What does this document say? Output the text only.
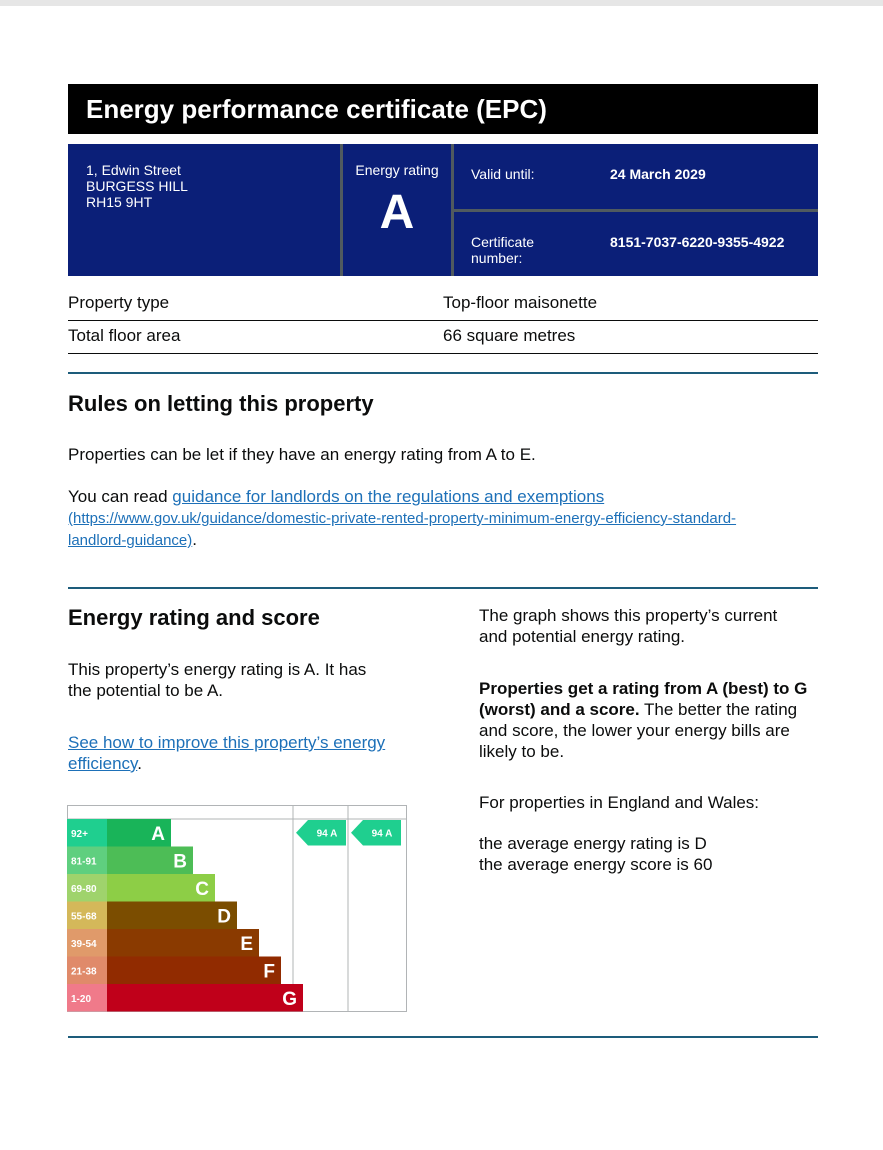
Energy performance certificate (EPC)
1, Edwin Street
BURGESS HILL
RH15 9HT
Energy rating
A
Valid until:	24 March 2029
Certificate
number:
8151-7037-6220-9355-4922
Property type	Top-floor maisonette
Total floor area	66 square metres
Rules on letting this property
Properties can be let if they have an energy rating from A to E.
You can read guidance for landlords on the regulations and exemptions
(https://www.gov.uk/guidance/domestic-private-rented-property-minimum-energy-efficiency-standard-
landlord-guidance).
Energy rating and score
This property’s energy rating is A. It has
the potential to be A.
See how to improve this property’s energy
efficiency.
The graph shows this property’s current
and potential energy rating.
Properties get a rating from A (best) to G
(worst) and a score. The better the rating
and score, the lower your energy bills are
likely to be.
For properties in England and Wales:
the average energy rating is D
the average energy score is 60
92+	A
81-91	B
69-80	C
55-68	D
39-54	E
21-38	F
1-20	G
94 A	94 A
